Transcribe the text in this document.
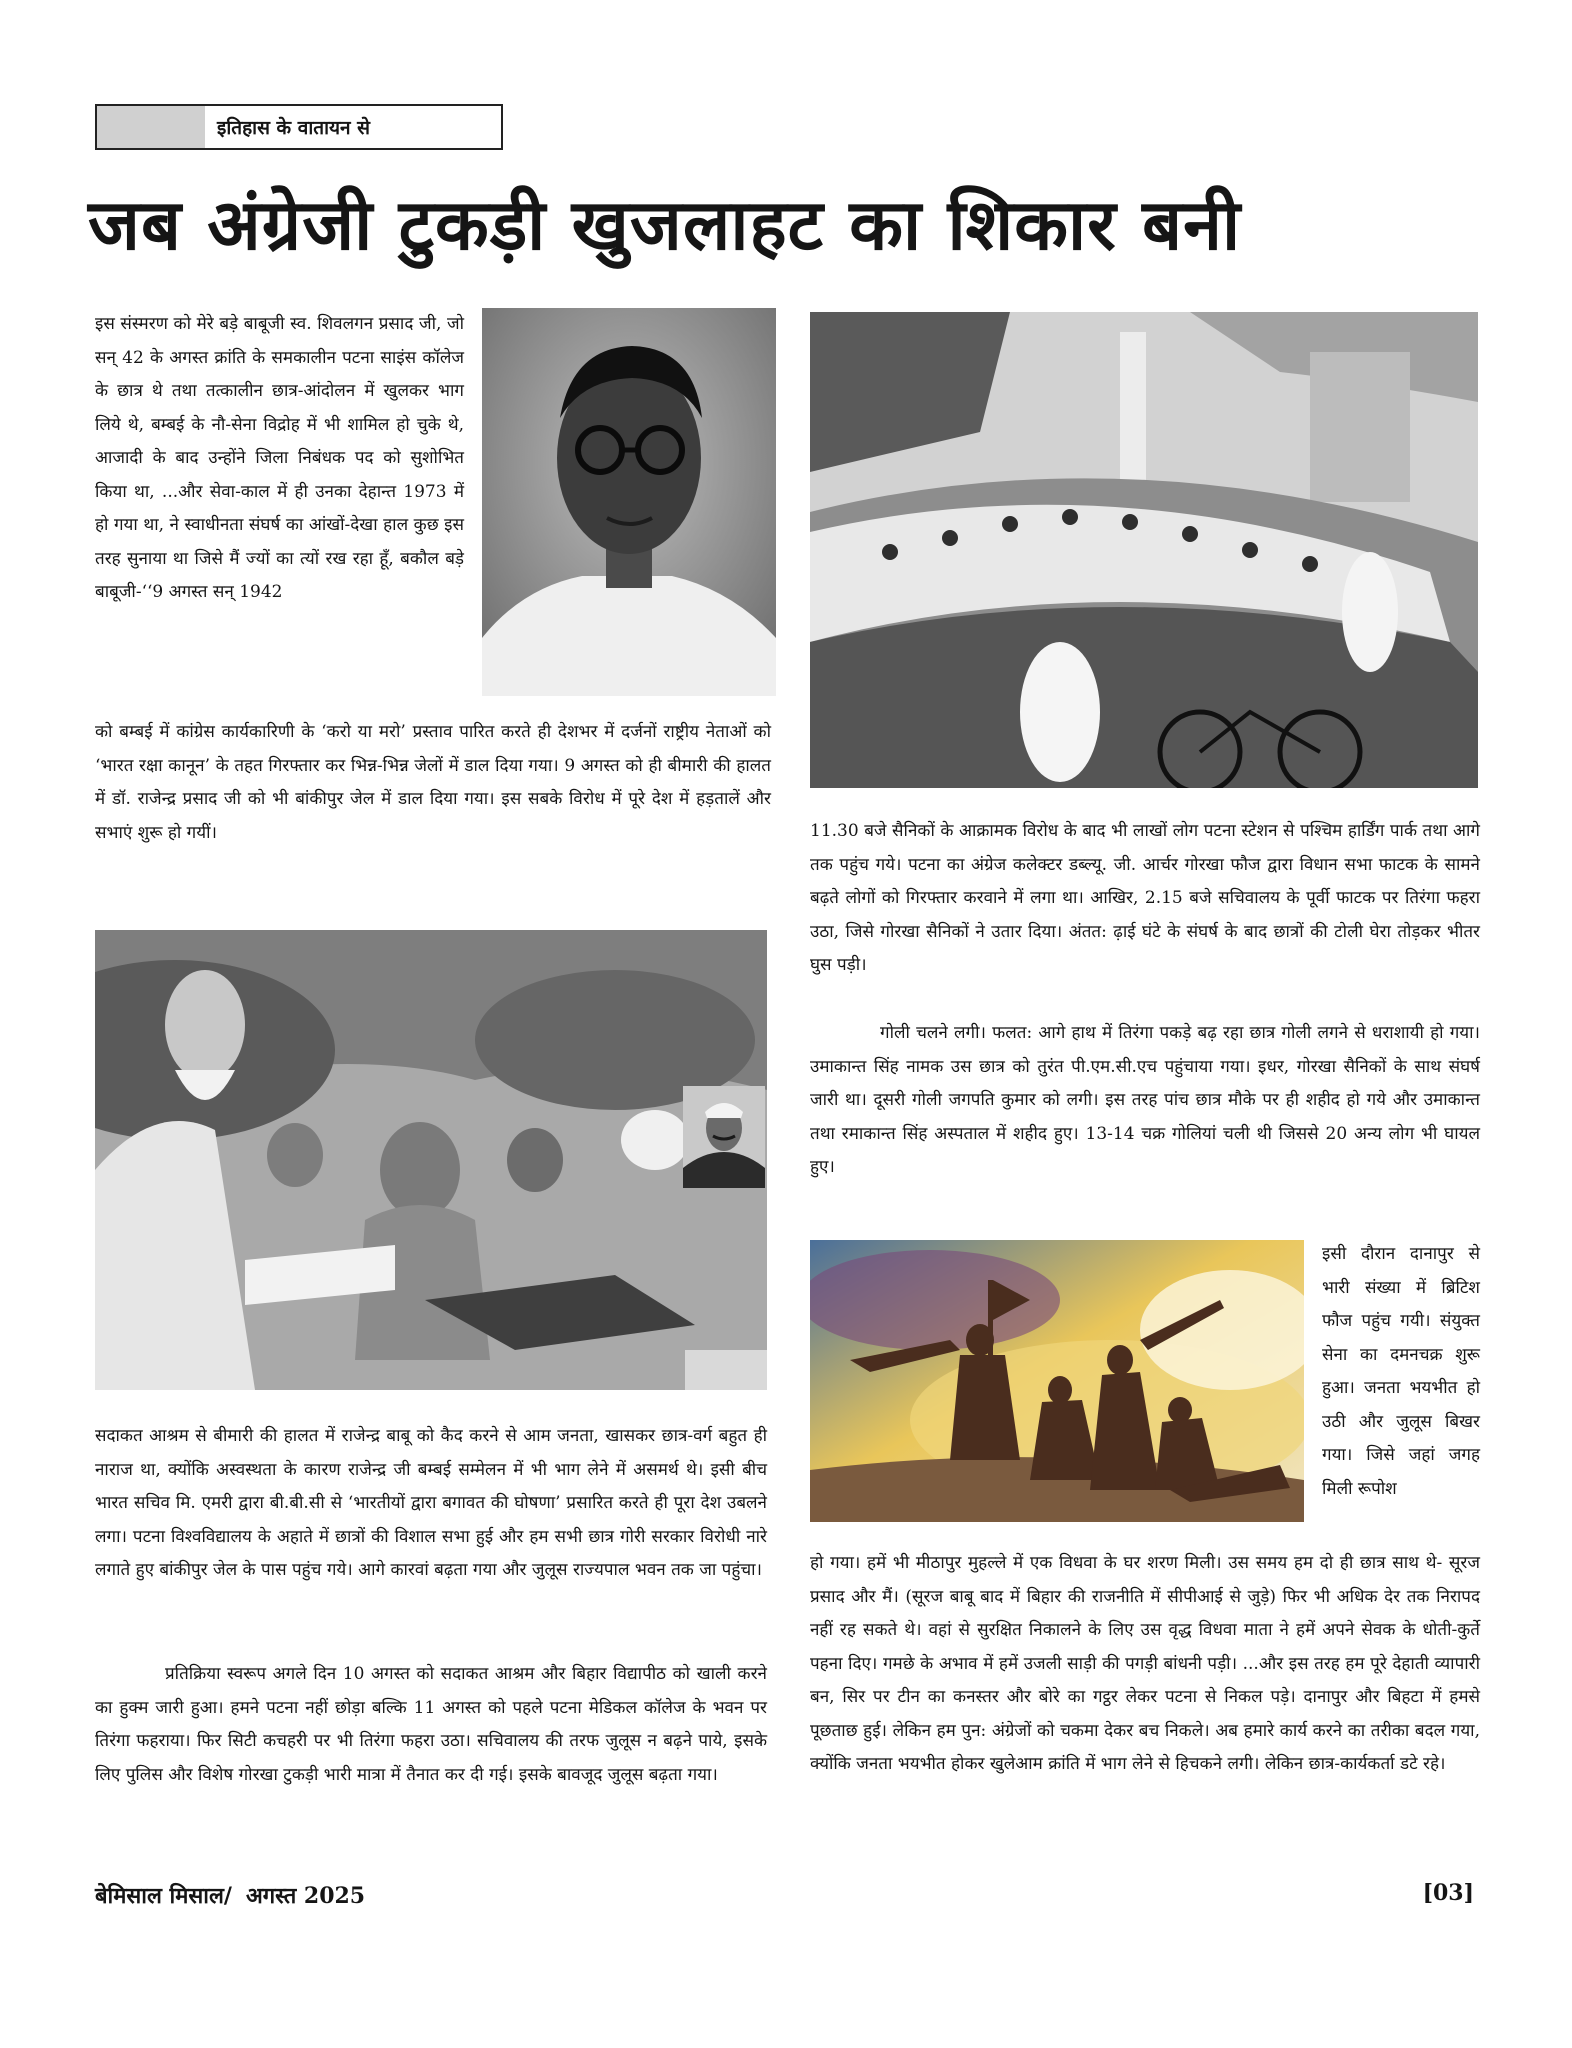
इतिहास के वातायन से
जब अंग्रेजी टुकड़ी खुजलाहट का शिकार बनी

इस संस्मरण को मेरे बड़े बाबूजी स्व. शिवलगन प्रसाद जी, जो सन् 42 के अगस्त क्रांति के समकालीन पटना साइंस कॉलेज के छात्र थे तथा तत्कालीन छात्र-आंदोलन में खुलकर भाग लिये थे, बम्बई के नौ-सेना विद्रोह में भी शामिल हो चुके थे, आजादी के बाद उन्होंने जिला निबंधक पद को सुशोभित किया था, ...और सेवा-काल में ही उनका देहान्त 1973 में हो गया था, ने स्वाधीनता संघर्ष का आंखों-देखा हाल कुछ इस तरह सुनाया था जिसे मैं ज्यों का त्यों रख रहा हूँ, बकौल बड़े बाबूजी-‘‘9 अगस्त सन् 1942

को बम्बई में कांग्रेस कार्यकारिणी के ‘करो या मरो’ प्रस्ताव पारित करते ही देशभर में दर्जनों राष्ट्रीय नेताओं को ‘भारत रक्षा कानून’ के तहत गिरफ्तार कर भिन्न-भिन्न जेलों में डाल दिया गया। 9 अगस्त को ही बीमारी की हालत में डॉ. राजेन्द्र प्रसाद जी को भी बांकीपुर जेल में डाल दिया गया। इस सबके विरोध में पूरे देश में हड़तालें और सभाएं शुरू हो गयीं।

सदाकत आश्रम से बीमारी की हालत में राजेन्द्र बाबू को कैद करने से आम जनता, खासकर छात्र-वर्ग बहुत ही नाराज था, क्योंकि अस्वस्थता के कारण राजेन्द्र जी बम्बई सम्मेलन में भी भाग लेने में असमर्थ थे। इसी बीच भारत सचिव मि. एमरी द्वारा बी.बी.सी से ‘भारतीयों द्वारा बगावत की घोषणा’ प्रसारित करते ही पूरा देश उबलने लगा। पटना विश्वविद्यालय के अहाते में छात्रों की विशाल सभा हुई और हम सभी छात्र गोरी सरकार विरोधी नारे लगाते हुए बांकीपुर जेल के पास पहुंच गये। आगे कारवां बढ़ता गया और जुलूस राज्यपाल भवन तक जा पहुंचा।

प्रतिक्रिया स्वरूप अगले दिन 10 अगस्त को सदाकत आश्रम और बिहार विद्यापीठ को खाली करने का हुक्म जारी हुआ। हमने पटना नहीं छोड़ा बल्कि 11 अगस्त को पहले पटना मेडिकल कॉलेज के भवन पर तिरंगा फहराया। फिर सिटी कचहरी पर भी तिरंगा फहरा उठा। सचिवालय की तरफ जुलूस न बढ़ने पाये, इसके लिए पुलिस और विशेष गोरखा टुकड़ी भारी मात्रा में तैनात कर दी गई। इसके बावजूद जुलूस बढ़ता गया।

11.30 बजे सैनिकों के आक्रामक विरोध के बाद भी लाखों लोग पटना स्टेशन से पश्चिम हार्डिंग पार्क तथा आगे तक पहुंच गये। पटना का अंग्रेज कलेक्टर डब्ल्यू. जी. आर्चर गोरखा फौज द्वारा विधान सभा फाटक के सामने बढ़ते लोगों को गिरफ्तार करवाने में लगा था। आखिर, 2.15 बजे सचिवालय के पूर्वी फाटक पर तिरंगा फहरा उठा, जिसे गोरखा सैनिकों ने उतार दिया। अंतत: ढ़ाई घंटे के संघर्ष के बाद छात्रों की टोली घेरा तोड़कर भीतर घुस पड़ी।

गोली चलने लगी। फलत: आगे हाथ में तिरंगा पकड़े बढ़ रहा छात्र गोली लगने से धराशायी हो गया। उमाकान्त सिंह नामक उस छात्र को तुरंत पी.एम.सी.एच पहुंचाया गया। इधर, गोरखा सैनिकों के साथ संघर्ष जारी था। दूसरी गोली जगपति कुमार को लगी। इस तरह पांच छात्र मौके पर ही शहीद हो गये और उमाकान्त तथा रमाकान्त सिंह अस्पताल में शहीद हुए। 13-14 चक्र गोलियां चली थी जिससे 20 अन्य लोग भी घायल हुए।

इसी दौरान दानापुर से भारी संख्या में ब्रिटिश फौज पहुंच गयी। संयुक्त सेना का दमनचक्र शुरू हुआ। जनता भयभीत हो उठी और जुलूस बिखर गया। जिसे जहां जगह मिली रूपोश

हो गया। हमें भी मीठापुर मुहल्ले में एक विधवा के घर शरण मिली। उस समय हम दो ही छात्र साथ थे- सूरज प्रसाद और मैं। (सूरज बाबू बाद में बिहार की राजनीति में सीपीआई से जुड़े) फिर भी अधिक देर तक निरापद नहीं रह सकते थे। वहां से सुरक्षित निकालने के लिए उस वृद्ध विधवा माता ने हमें अपने सेवक के धोती-कुर्ते पहना दिए। गमछे के अभाव में हमें उजली साड़ी की पगड़ी बांधनी पड़ी। ...और इस तरह हम पूरे देहाती व्यापारी बन, सिर पर टीन का कनस्तर और बोरे का गट्ठर लेकर पटना से निकल पड़े। दानापुर और बिहटा में हमसे पूछताछ हुई। लेकिन हम पुन: अंग्रेजों को चकमा देकर बच निकले। अब हमारे कार्य करने का तरीका बदल गया, क्योंकि जनता भयभीत होकर खुलेआम क्रांति में भाग लेने से हिचकने लगी। लेकिन छात्र-कार्यकर्ता डटे रहे।

बेमिसाल मिसाल/ अगस्त 2025	[03]
